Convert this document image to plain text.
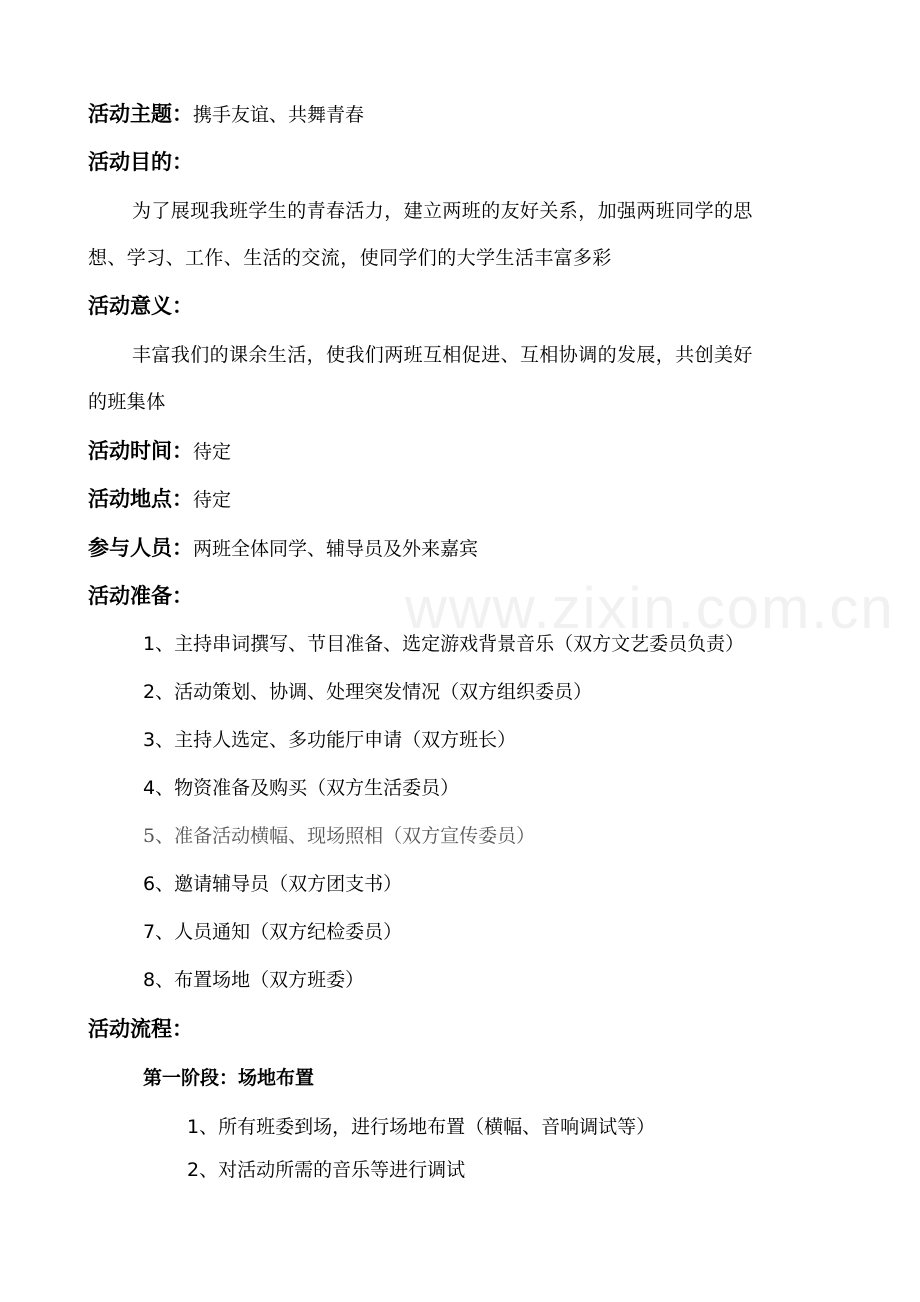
www.zixin.com.cn
活动主题：携手友谊、共舞青春
活动目的：
为了展现我班学生的青春活力，建立两班的友好关系，加强两班同学的思
想、学习、工作、生活的交流，使同学们的大学生活丰富多彩
活动意义：
丰富我们的课余生活，使我们两班互相促进、互相协调的发展，共创美好
的班集体
活动时间：待定
活动地点：待定
参与人员：两班全体同学、辅导员及外来嘉宾
活动准备：
1、主持串词撰写、节目准备、选定游戏背景音乐（双方文艺委员负责）
2、活动策划、协调、处理突发情况（双方组织委员）
3、主持人选定、多功能厅申请（双方班长）
4、物资准备及购买（双方生活委员）
5、准备活动横幅、现场照相（双方宣传委员）
6、邀请辅导员（双方团支书）
7、人员通知（双方纪检委员）
8、布置场地（双方班委）
活动流程：
第一阶段：场地布置
1、所有班委到场，进行场地布置（横幅、音响调试等）
2、对活动所需的音乐等进行调试
